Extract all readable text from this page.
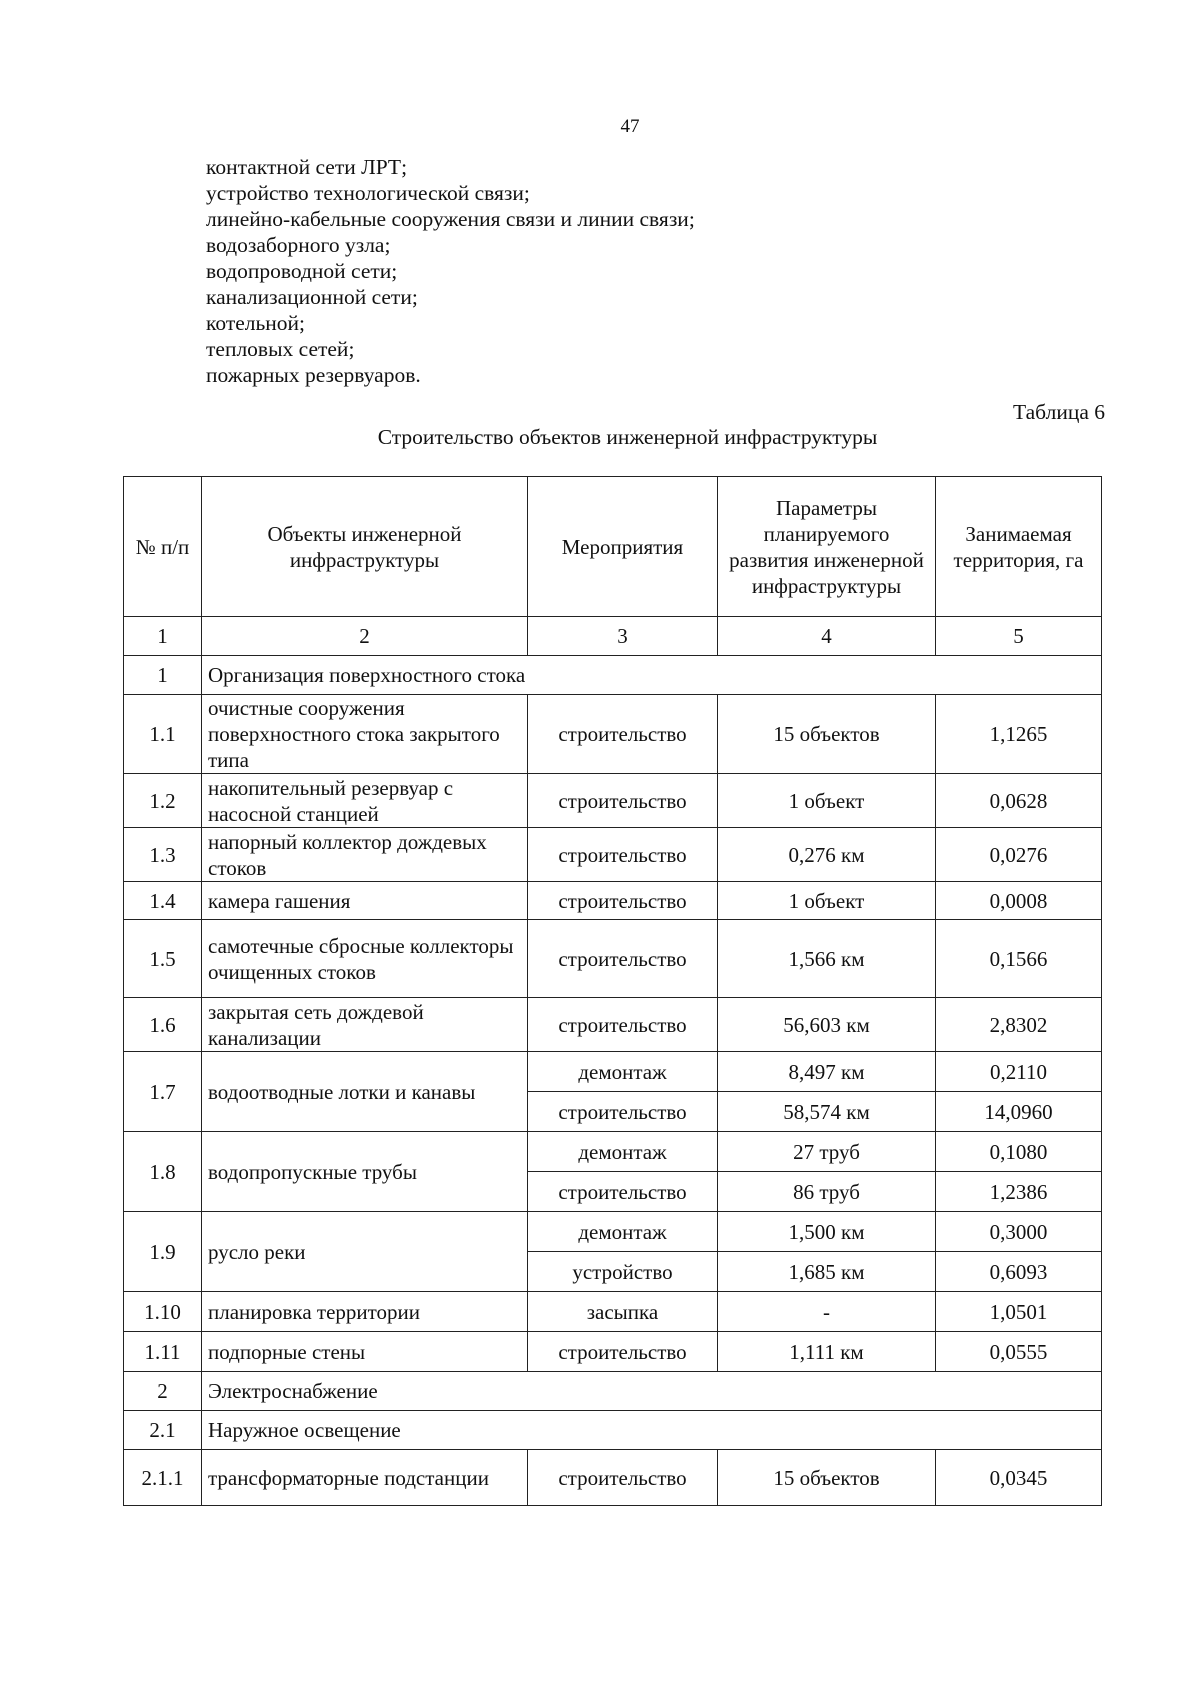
47
контактной сети ЛРТ;
устройство технологической связи;
линейно-кабельные сооружения связи и линии связи;
водозаборного узла;
водопроводной сети;
канализационной сети;
котельной;
тепловых сетей;
пожарных резервуаров.
Таблица 6
Строительство объектов инженерной инфраструктуры
№ п/п	Объекты инженерной инфраструктуры	Мероприятия	Параметры планируемого развития инженерной инфраструктуры	Занимаемая территория, га
1	2	3	4	5
1	Организация поверхностного стока			
1.1	очистные сооружения поверхностного стока закрытого типа	строительство	15 объектов	1,1265
1.2	накопительный резервуар с насосной станцией	строительство	1 объект	0,0628
1.3	напорный коллектор дождевых стоков	строительство	0,276 км	0,0276
1.4	камера гашения	строительство	1 объект	0,0008
1.5	самотечные сбросные коллекторы очищенных стоков	строительство	1,566 км	0,1566
1.6	закрытая сеть дождевой канализации	строительство	56,603 км	2,8302
1.7	водоотводные лотки и канавы	демонтаж	8,497 км	0,2110
		строительство	58,574 км	14,0960
1.8	водопропускные трубы	демонтаж	27 труб	0,1080
		строительство	86 труб	1,2386
1.9	русло реки	демонтаж	1,500 км	0,3000
		устройство	1,685 км	0,6093
1.10	планировка территории	засыпка	-	1,0501
1.11	подпорные стены	строительство	1,111 км	0,0555
2	Электроснабжение			
2.1	Наружное освещение			
2.1.1	трансформаторные подстанции	строительство	15 объектов	0,0345
